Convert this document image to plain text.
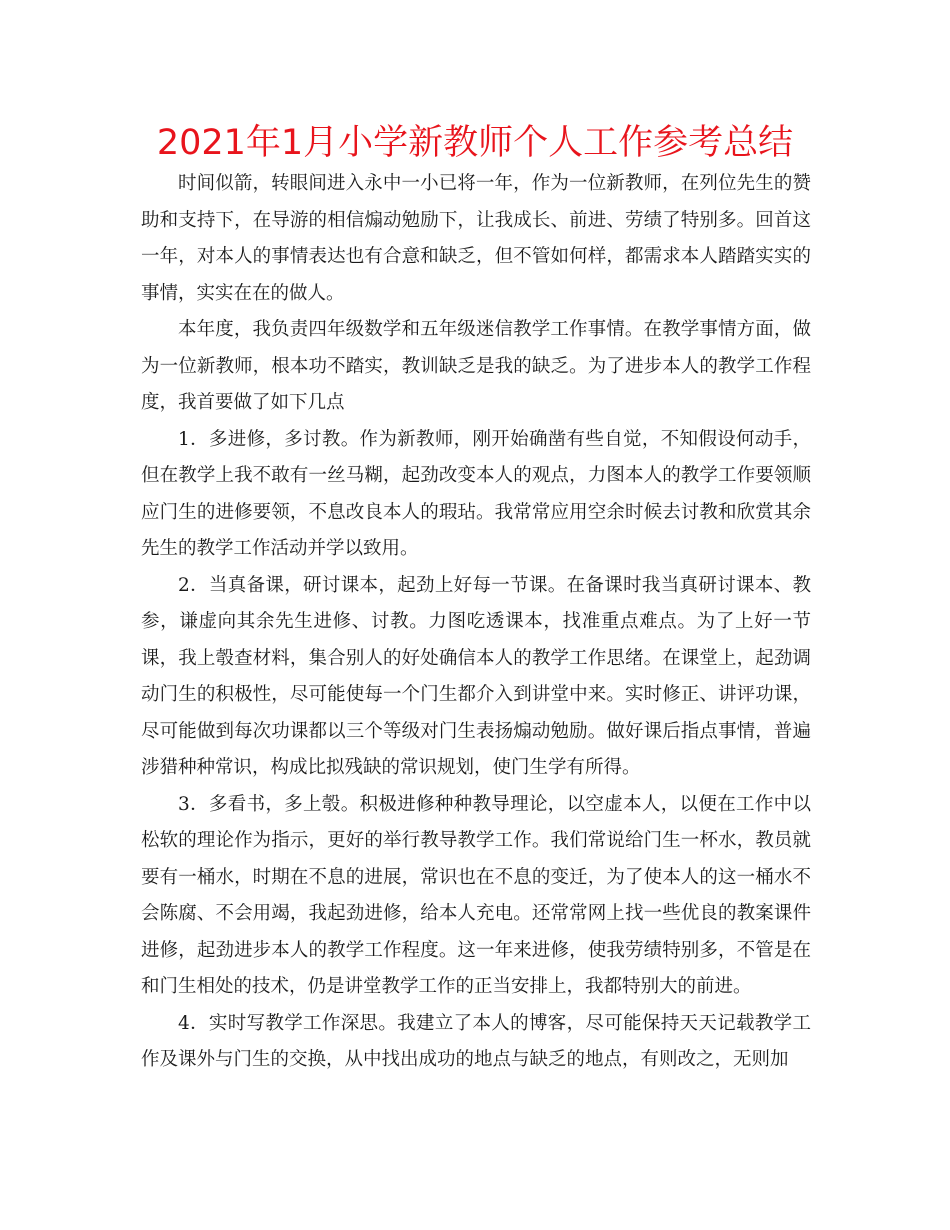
2021年1月小学新教师个人工作参考总结

时间似箭，转眼间进入永中一小已将一年，作为一位新教师，在列位先生的赞助和支持下，在导游的相信煽动勉励下，让我成长、前进、劳绩了特别多。回首这一年，对本人的事情表达也有合意和缺乏，但不管如何样，都需求本人踏踏实实的事情，实实在在的做人。

本年度，我负责四年级数学和五年级迷信教学工作事情。在教学事情方面，做为一位新教师，根本功不踏实，教训缺乏是我的缺乏。为了进步本人的教学工作程度，我首要做了如下几点

1．多进修，多讨教。作为新教师，刚开始确凿有些自觉，不知假设何动手，但在教学上我不敢有一丝马糊，起劲改变本人的观点，力图本人的教学工作要领顺应门生的进修要领，不息改良本人的瑕玷。我常常应用空余时候去讨教和欣赏其余先生的教学工作活动并学以致用。

2．当真备课，研讨课本，起劲上好每一节课。在备课时我当真研讨课本、教参，谦虚向其余先生进修、讨教。力图吃透课本，找准重点难点。为了上好一节课，我上彀查材料，集合别人的好处确信本人的教学工作思绪。在课堂上，起劲调动门生的积极性，尽可能使每一个门生都介入到讲堂中来。实时修正、讲评功课，尽可能做到每次功课都以三个等级对门生表扬煽动勉励。做好课后指点事情，普遍涉猎种种常识，构成比拟残缺的常识规划，使门生学有所得。

3．多看书，多上彀。积极进修种种教导理论，以空虚本人，以便在工作中以松软的理论作为指示，更好的举行教导教学工作。我们常说给门生一杯水，教员就要有一桶水，时期在不息的进展，常识也在不息的变迁，为了使本人的这一桶水不会陈腐、不会用竭，我起劲进修，给本人充电。还常常网上找一些优良的教案课件进修，起劲进步本人的教学工作程度。这一年来进修，使我劳绩特别多，不管是在和门生相处的技术，仍是讲堂教学工作的正当安排上，我都特别大的前进。

4．实时写教学工作深思。我建立了本人的博客，尽可能保持天天记载教学工作及课外与门生的交换，从中找出成功的地点与缺乏的地点，有则改之，无则加
